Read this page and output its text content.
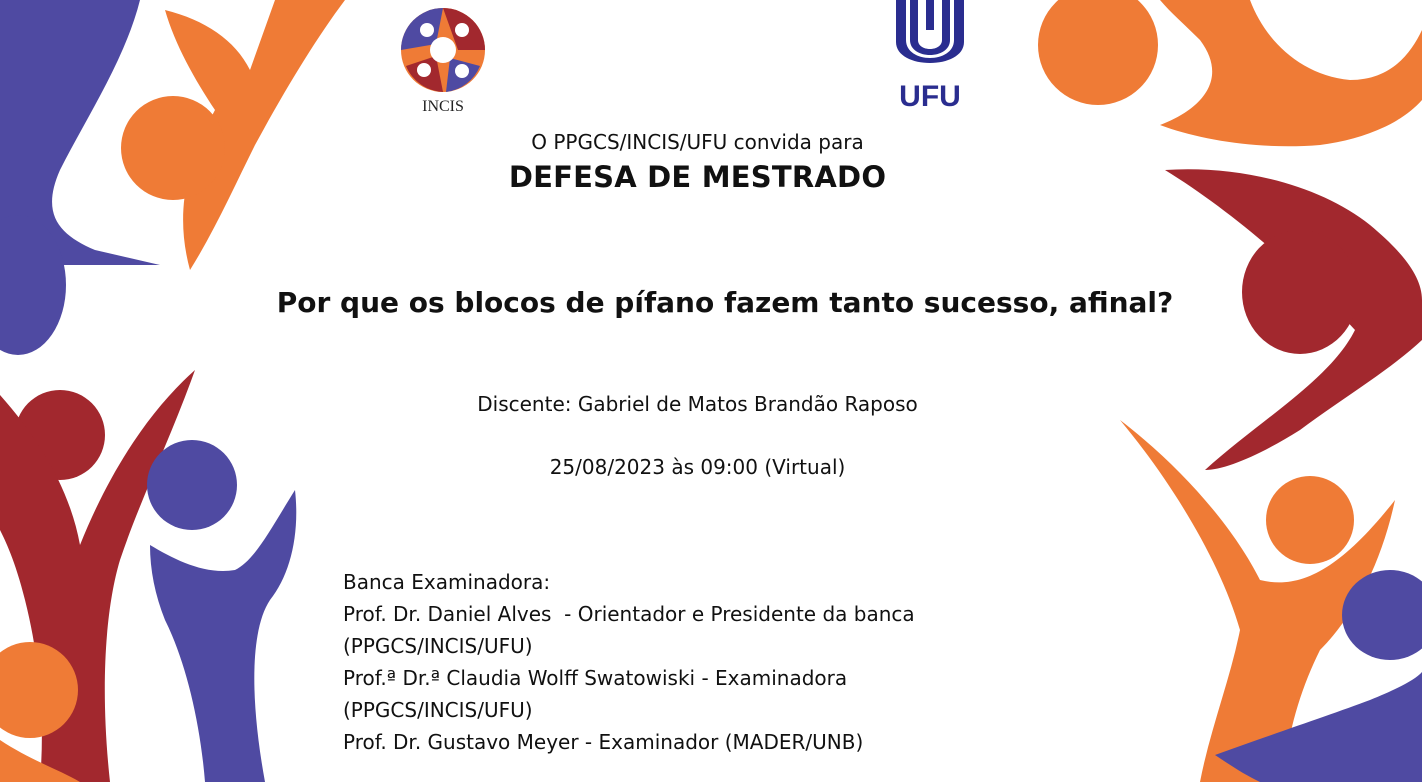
INCIS	UFU
O PPGCS/INCIS/UFU convida para
DEFESA DE MESTRADO
Por que os blocos de pífano fazem tanto sucesso, afinal?
Discente: Gabriel de Matos Brandão Raposo
25/08/2023 às 09:00 (Virtual)
Banca Examinadora:
Prof. Dr. Daniel Alves  - Orientador e Presidente da banca
(PPGCS/INCIS/UFU)
Prof.ª Dr.ª Claudia Wolff Swatowiski - Examinadora
(PPGCS/INCIS/UFU)
Prof. Dr. Gustavo Meyer - Examinador (MADER/UNB)
